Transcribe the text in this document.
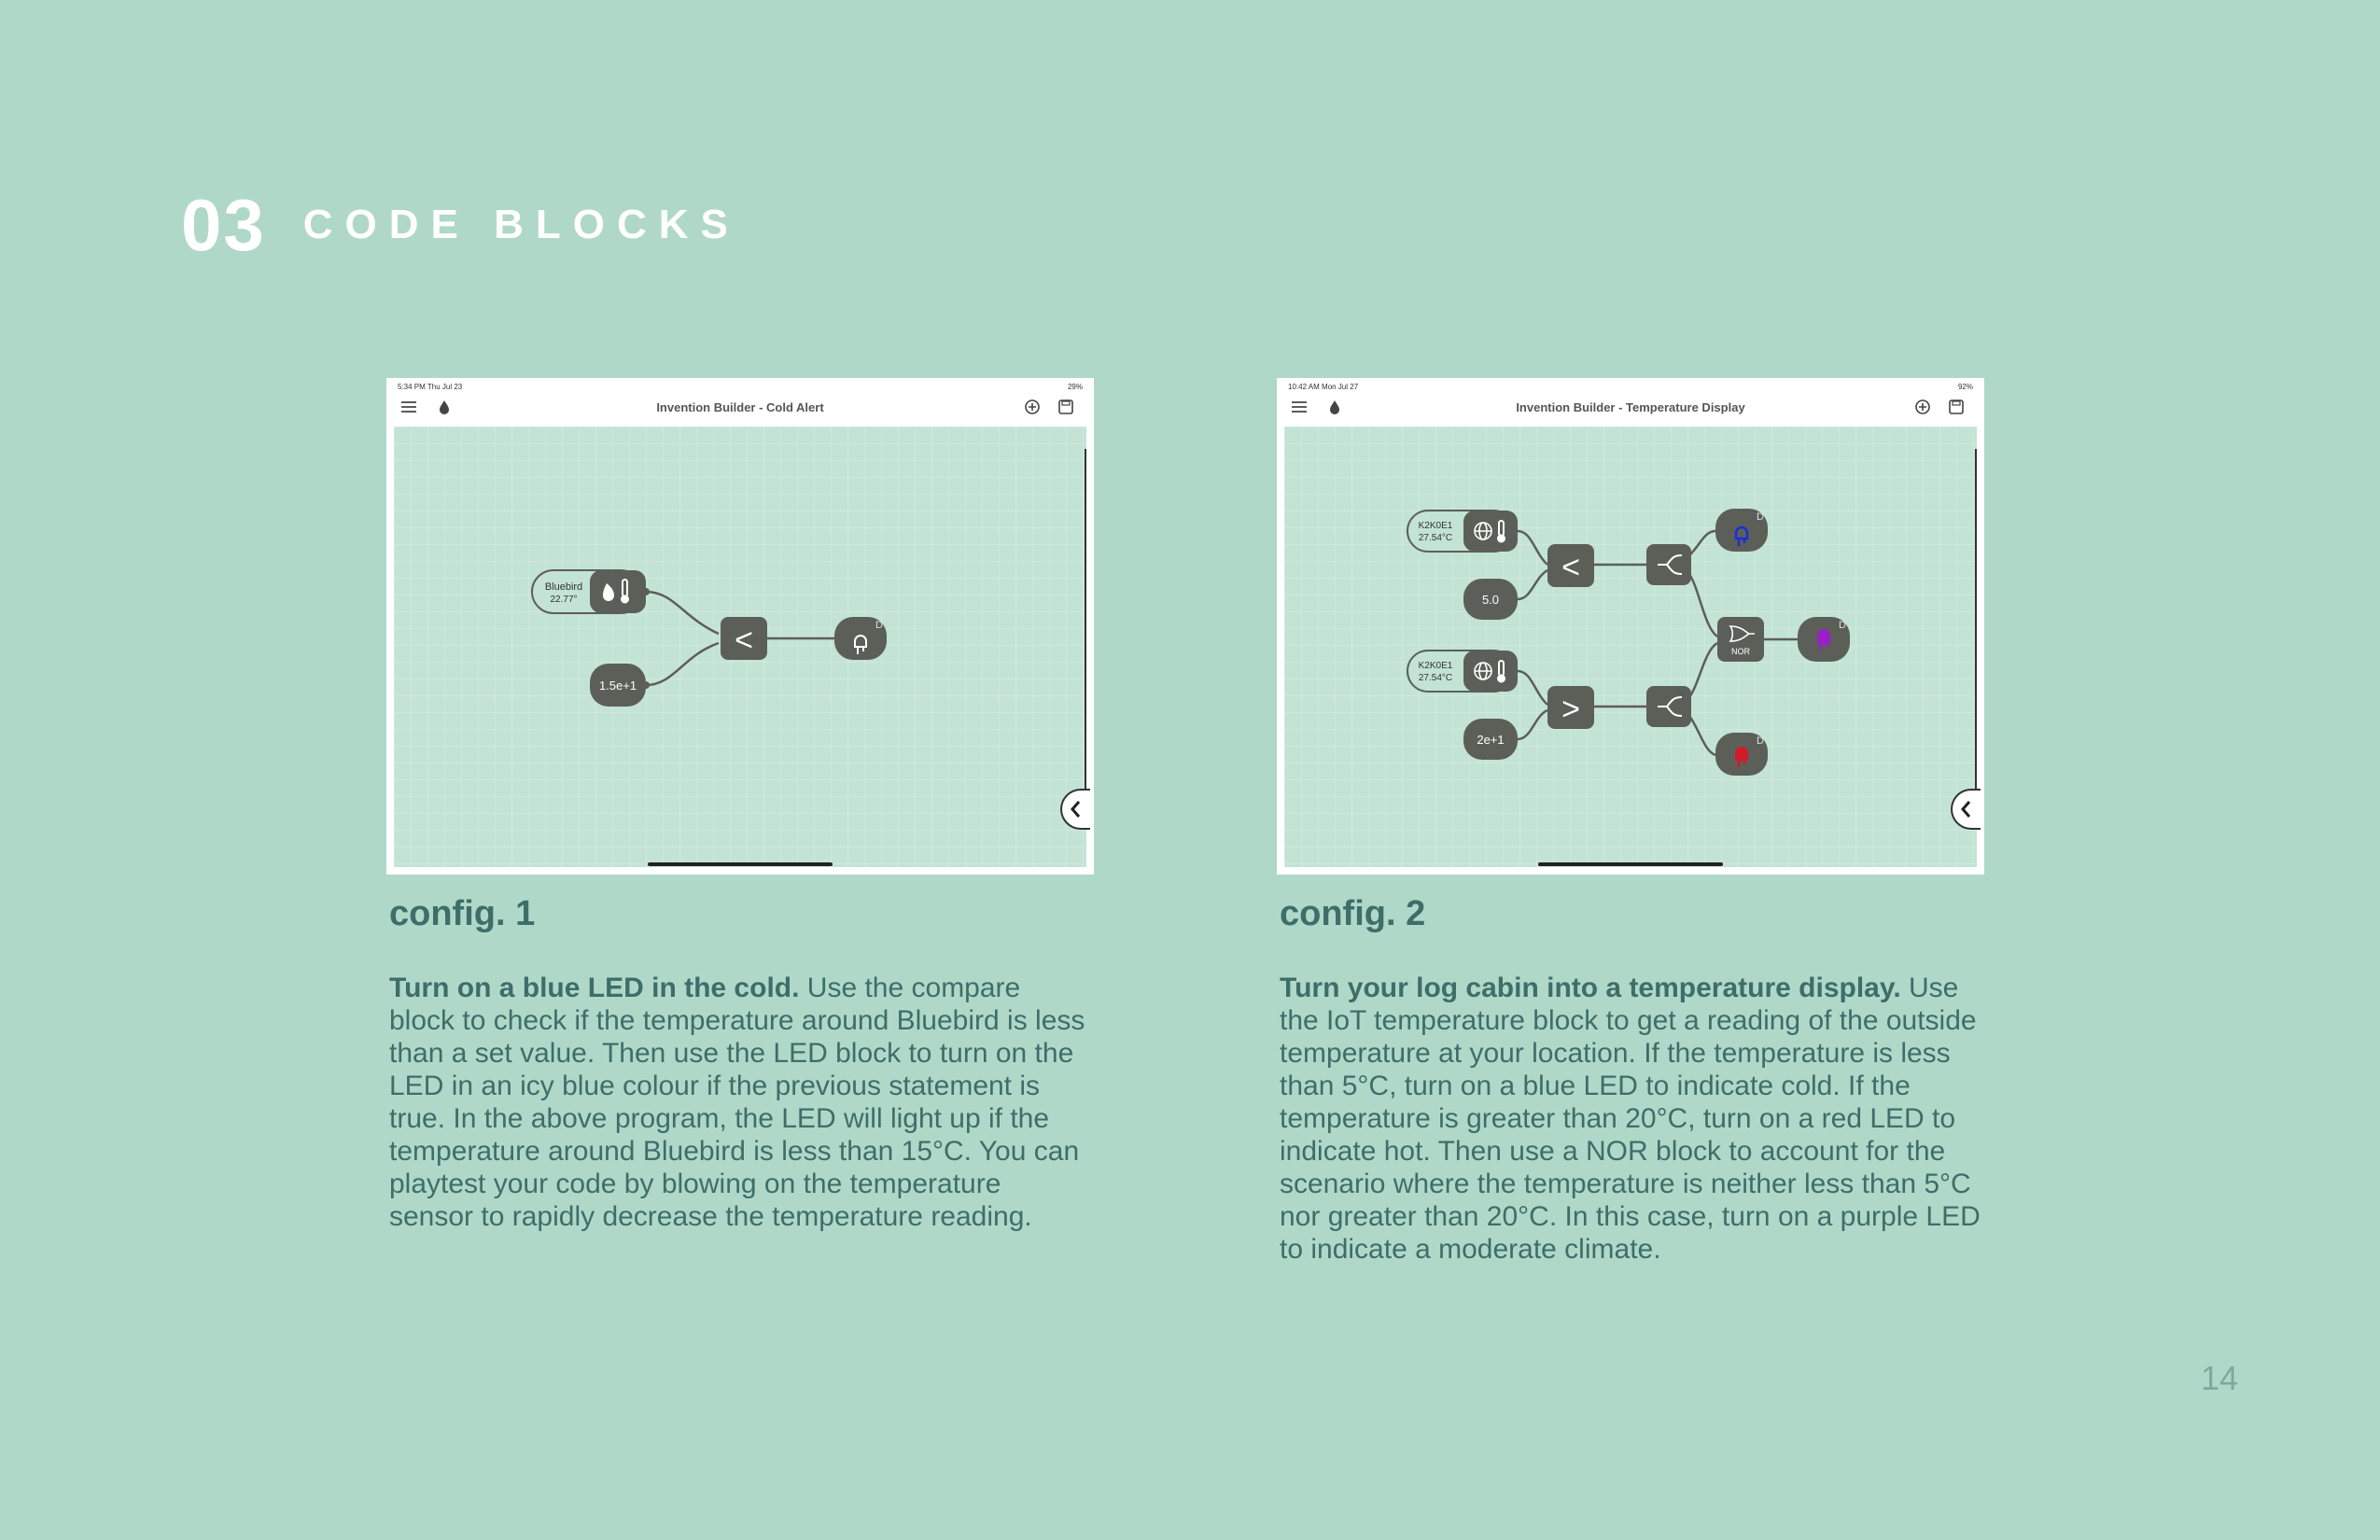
03 CODE BLOCKS
5:34 PM Thu Jul 23	29%
Invention Builder - Cold Alert
Bluebird
22.77°
1.5e+1
<	D
10:42 AM Mon Jul 27	92%
Invention Builder - Temperature Display
K2K0E1
27.54°C
5.0
<
D
K2K0E1
27.54°C
2e+1
>
NOR
D
D
config. 1	config. 2
Turn on a blue LED in the cold. Use the compare block to check if the temperature around Bluebird is less than a set value. Then use the LED block to turn on the LED in an icy blue colour if the previous statement is true. In the above program, the LED will light up if the temperature around Bluebird is less than 15°C. You can playtest your code by blowing on the temperature sensor to rapidly decrease the temperature reading.
Turn your log cabin into a temperature display. Use the IoT temperature block to get a reading of the outside temperature at your location. If the temperature is less than 5°C, turn on a blue LED to indicate cold. If the temperature is greater than 20°C, turn on a red LED to indicate hot. Then use a NOR block to account for the scenario where the temperature is neither less than 5°C nor greater than 20°C. In this case, turn on a purple LED to indicate a moderate climate.
14
